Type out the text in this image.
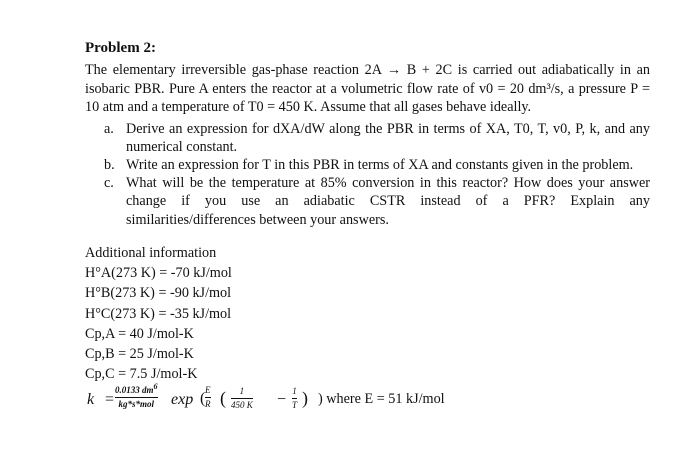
Problem 2:
The elementary irreversible gas-phase reaction 2A → B + 2C is carried out adiabatically in an
isobaric PBR. Pure A enters the reactor at a volumetric flow rate of v0 = 20 dm³/s, a pressure P =
10 atm and a temperature of T0 = 450 K. Assume that all gases behave ideally.
a. Derive an expression for dXA/dW along the PBR in terms of XA, T0, T, v0, P, k, and any
numerical constant.
b. Write an expression for T in this PBR in terms of XA and constants given in the problem.
c. What will be the temperature at 85% conversion in this reactor? How does your answer
change if you use an adiabatic CSTR instead of a PFR? Explain any
similarities/differences between your answers.
Additional information
H°A(273 K) = -70 kJ/mol
H°B(273 K) = -90 kJ/mol
H°C(273 K) = -35 kJ/mol
Cp,A = 40 J/mol-K
Cp,B = 25 J/mol-K
Cp,C = 7.5 J/mol-K
k =
0.0133 $dm^6$
kg*s*mol exp ( $\frac{E}{R}$ ( $\frac{1}{450 K} - \frac{1}{T}$ ) ) where E = 51 kJ/mol
